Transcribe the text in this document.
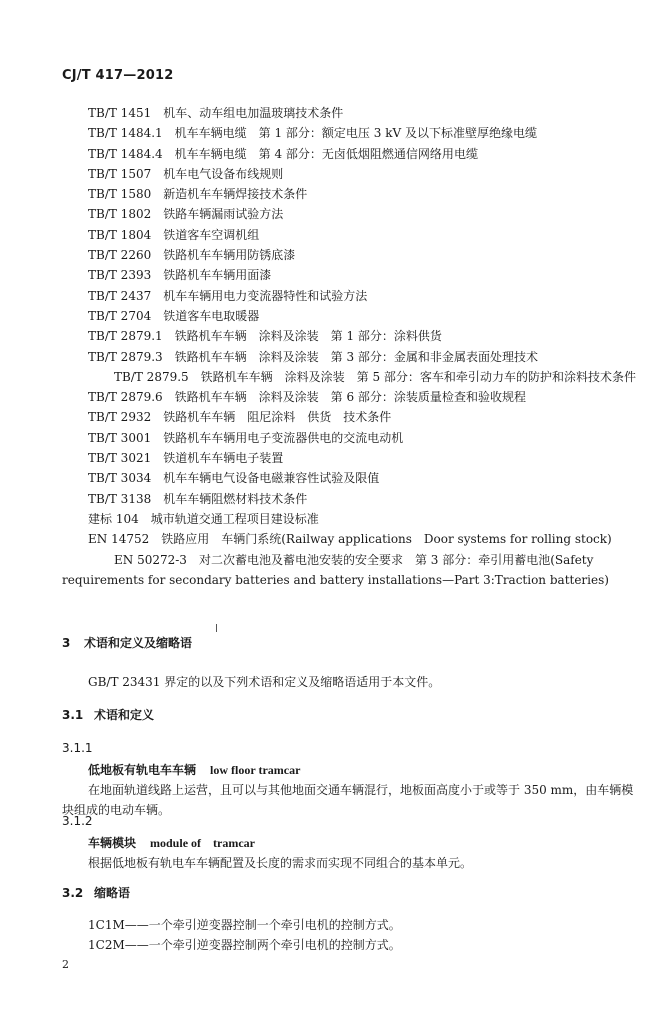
CJ/T 417—2012
TB/T 1451 机车、动车组电加温玻璃技术条件
TB/T 1484.1 机车车辆电缆　第 1 部分：额定电压 3 kV 及以下标准壁厚绝缘电缆
TB/T 1484.4 机车车辆电缆　第 4 部分：无卤低烟阻燃通信网络用电缆
TB/T 1507 机车电气设备布线规则
TB/T 1580 新造机车车辆焊接技术条件
TB/T 1802 铁路车辆漏雨试验方法
TB/T 1804 铁道客车空调机组
TB/T 2260 铁路机车车辆用防锈底漆
TB/T 2393 铁路机车车辆用面漆
TB/T 2437 机车车辆用电力变流器特性和试验方法
TB/T 2704 铁道客车电取暖器
TB/T 2879.1 铁路机车车辆　涂料及涂装　第 1 部分：涂料供货
TB/T 2879.3 铁路机车车辆　涂料及涂装　第 3 部分：金属和非金属表面处理技术
TB/T 2879.5 铁路机车车辆　涂料及涂装　第 5 部分：客车和牵引动力车的防护和涂料技术条件
TB/T 2879.6 铁路机车车辆　涂料及涂装　第 6 部分：涂装质量检查和验收规程
TB/T 2932 铁路机车车辆　阻尼涂料　供货　技术条件
TB/T 3001 铁路机车车辆用电子变流器供电的交流电动机
TB/T 3021 铁道机车车辆电子装置
TB/T 3034 机车车辆电气设备电磁兼容性试验及限值
TB/T 3138 机车车辆阻燃材料技术条件
建标 104 城市轨道交通工程项目建设标准
EN 14752 铁路应用　车辆门系统(Railway applications　Door systems for rolling stock)
EN 50272-3 对二次蓄电池及蓄电池安装的安全要求　第 3 部分：牵引用蓄电池(Safety requirements for secondary batteries and battery installations—Part 3:Traction batteries)
3 术语和定义及缩略语
GB/T 23431 界定的以及下列术语和定义及缩略语适用于本文件。
3.1 术语和定义
3.1.1
低地板有轨电车车辆 low floor tramcar
在地面轨道线路上运营，且可以与其他地面交通车辆混行，地板面高度小于或等于 350 mm，由车辆模块组成的电动车辆。
3.1.2
车辆模块 module of　tramcar
根据低地板有轨电车车辆配置及长度的需求而实现不同组合的基本单元。
3.2 缩略语
1C1M——一个牵引逆变器控制一个牵引电机的控制方式。
1C2M——一个牵引逆变器控制两个牵引电机的控制方式。
2
